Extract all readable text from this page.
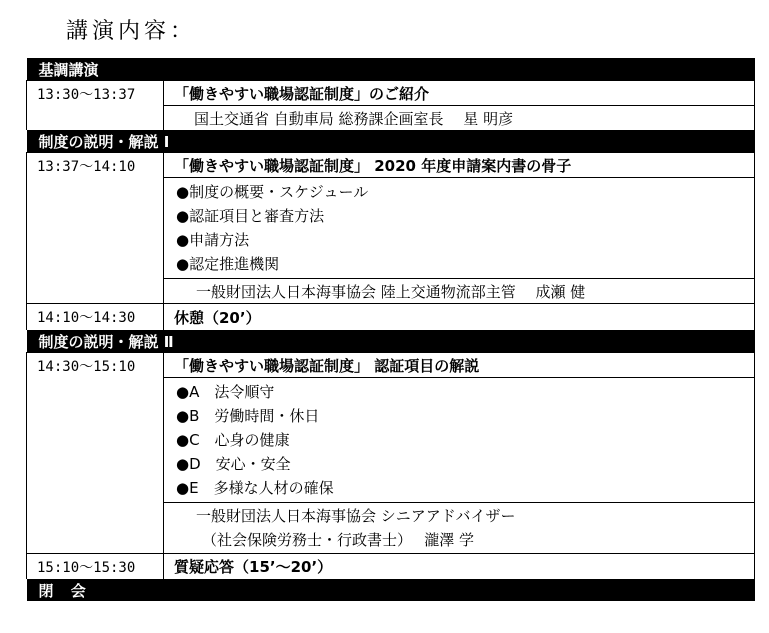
講演内容：
基調講演	
13:30～13:37	「働きやすい職場認証制度」のご紹介
	国土交通省 自動車局 総務課企画室長　 星 明彦
制度の説明・解説 Ⅰ	
13:37～14:10	「働きやすい職場認証制度」 2020 年度申請案内書の骨子

	●制度の概要・スケジュール
●認証項目と審査方法
●申請方法
●認定推進機関

	一般財団法人日本海事協会 陸上交通物流部主管　 成瀬 健
14:10～14:30	休憩（20’）
制度の説明・解説 Ⅱ	
14:30～15:10	「働きやすい職場認証制度」 認証項目の解説

	●A　法令順守
●B　労働時間・休日
●C　心身の健康
●D　安心・安全
●E　多様な人材の確保

	一般財団法人日本海事協会 シニアアドバイザー
（社会保険労務士・行政書士）　 瀧澤 学

15:10～15:30	質疑応答（15’～20’）
閉 会	
